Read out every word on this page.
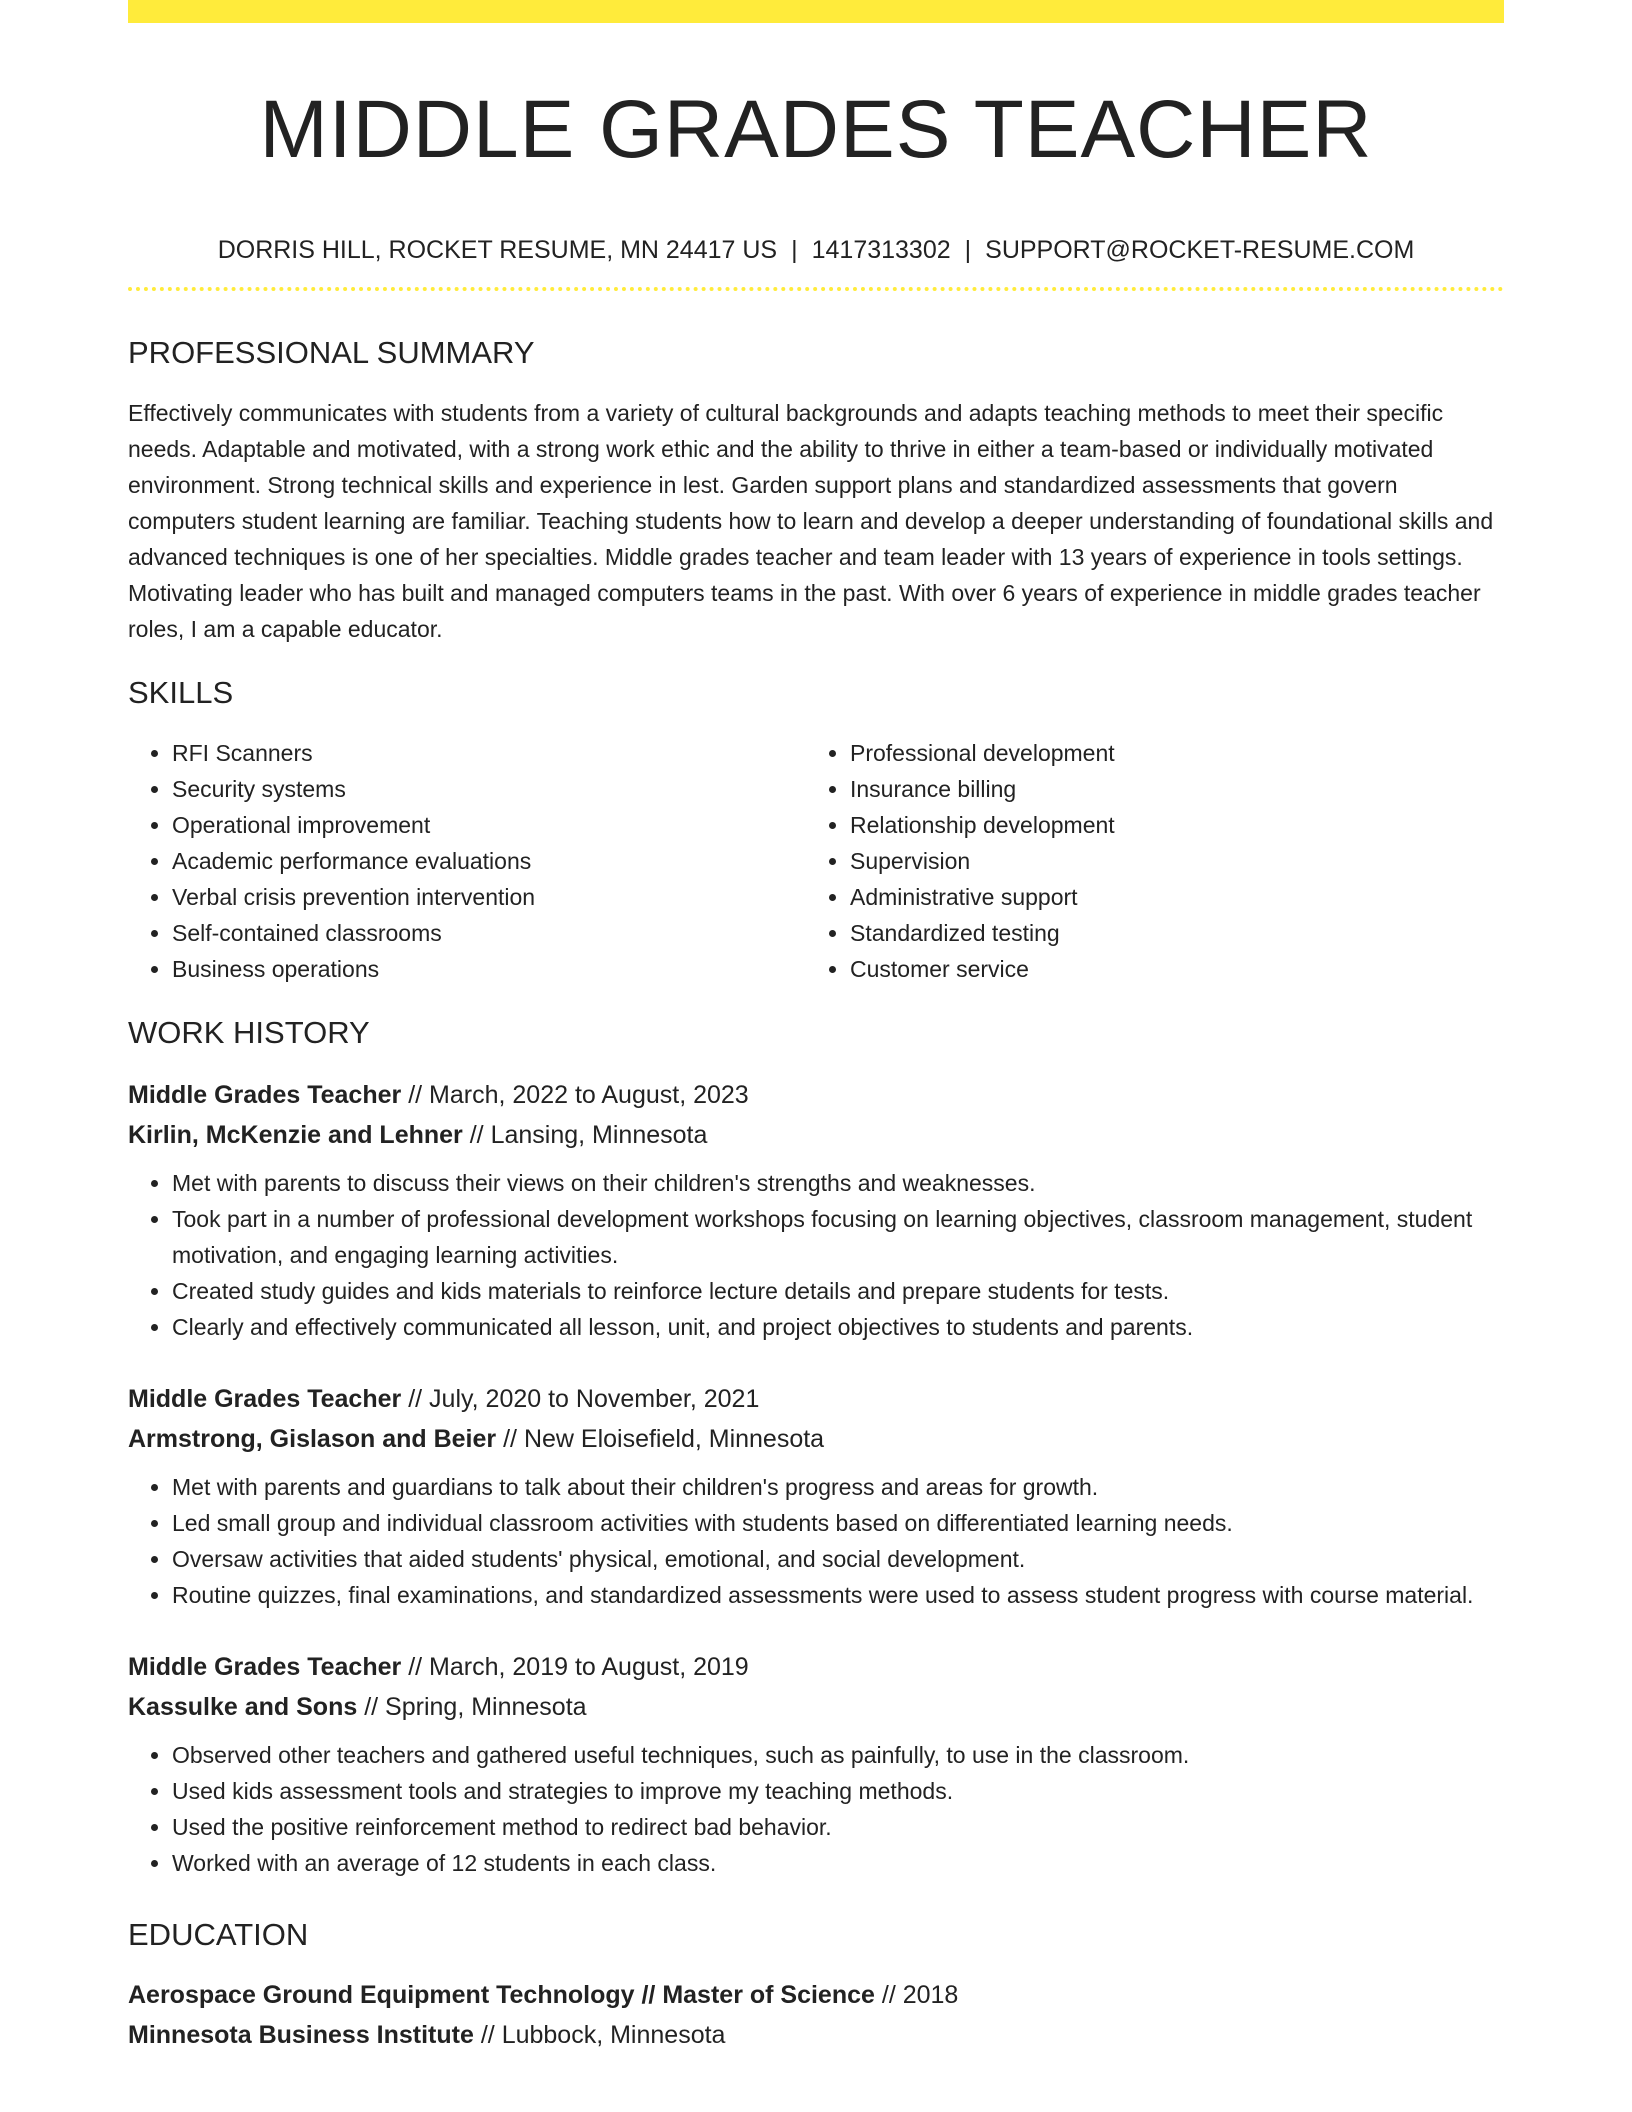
MIDDLE GRADES TEACHER
DORRIS HILL, ROCKET RESUME, MN 24417 US | 1417313302 | SUPPORT@ROCKET-RESUME.COM
PROFESSIONAL SUMMARY

Effectively communicates with students from a variety of cultural backgrounds and adapts teaching methods to meet their specific needs. Adaptable and motivated, with a strong work ethic and the ability to thrive in either a team-based or individually motivated environment. Strong technical skills and experience in lest. Garden support plans and standardized assessments that govern computers student learning are familiar. Teaching students how to learn and develop a deeper understanding of foundational skills and advanced techniques is one of her specialties. Middle grades teacher and team leader with 13 years of experience in tools settings. Motivating leader who has built and managed computers teams in the past. With over 6 years of experience in middle grades teacher roles, I am a capable educator.

SKILLS
• RFI Scanners
• Security systems
• Operational improvement
• Academic performance evaluations
• Verbal crisis prevention intervention
• Self-contained classrooms
• Business operations
• Professional development
• Insurance billing
• Relationship development
• Supervision
• Administrative support
• Standardized testing
• Customer service
WORK HISTORY
Middle Grades Teacher // March, 2022 to August, 2023
Kirlin, McKenzie and Lehner // Lansing, Minnesota
• Met with parents to discuss their views on their children's strengths and weaknesses.
• Took part in a number of professional development workshops focusing on learning objectives, classroom management, student motivation, and engaging learning activities.
• Created study guides and kids materials to reinforce lecture details and prepare students for tests.
• Clearly and effectively communicated all lesson, unit, and project objectives to students and parents.
Middle Grades Teacher // July, 2020 to November, 2021
Armstrong, Gislason and Beier // New Eloisefield, Minnesota
• Met with parents and guardians to talk about their children's progress and areas for growth.
• Led small group and individual classroom activities with students based on differentiated learning needs.
• Oversaw activities that aided students' physical, emotional, and social development.
• Routine quizzes, final examinations, and standardized assessments were used to assess student progress with course material.
Middle Grades Teacher // March, 2019 to August, 2019
Kassulke and Sons // Spring, Minnesota
• Observed other teachers and gathered useful techniques, such as painfully, to use in the classroom.
• Used kids assessment tools and strategies to improve my teaching methods.
• Used the positive reinforcement method to redirect bad behavior.
• Worked with an average of 12 students in each class.
EDUCATION
Aerospace Ground Equipment Technology // Master of Science // 2018
Minnesota Business Institute // Lubbock, Minnesota
